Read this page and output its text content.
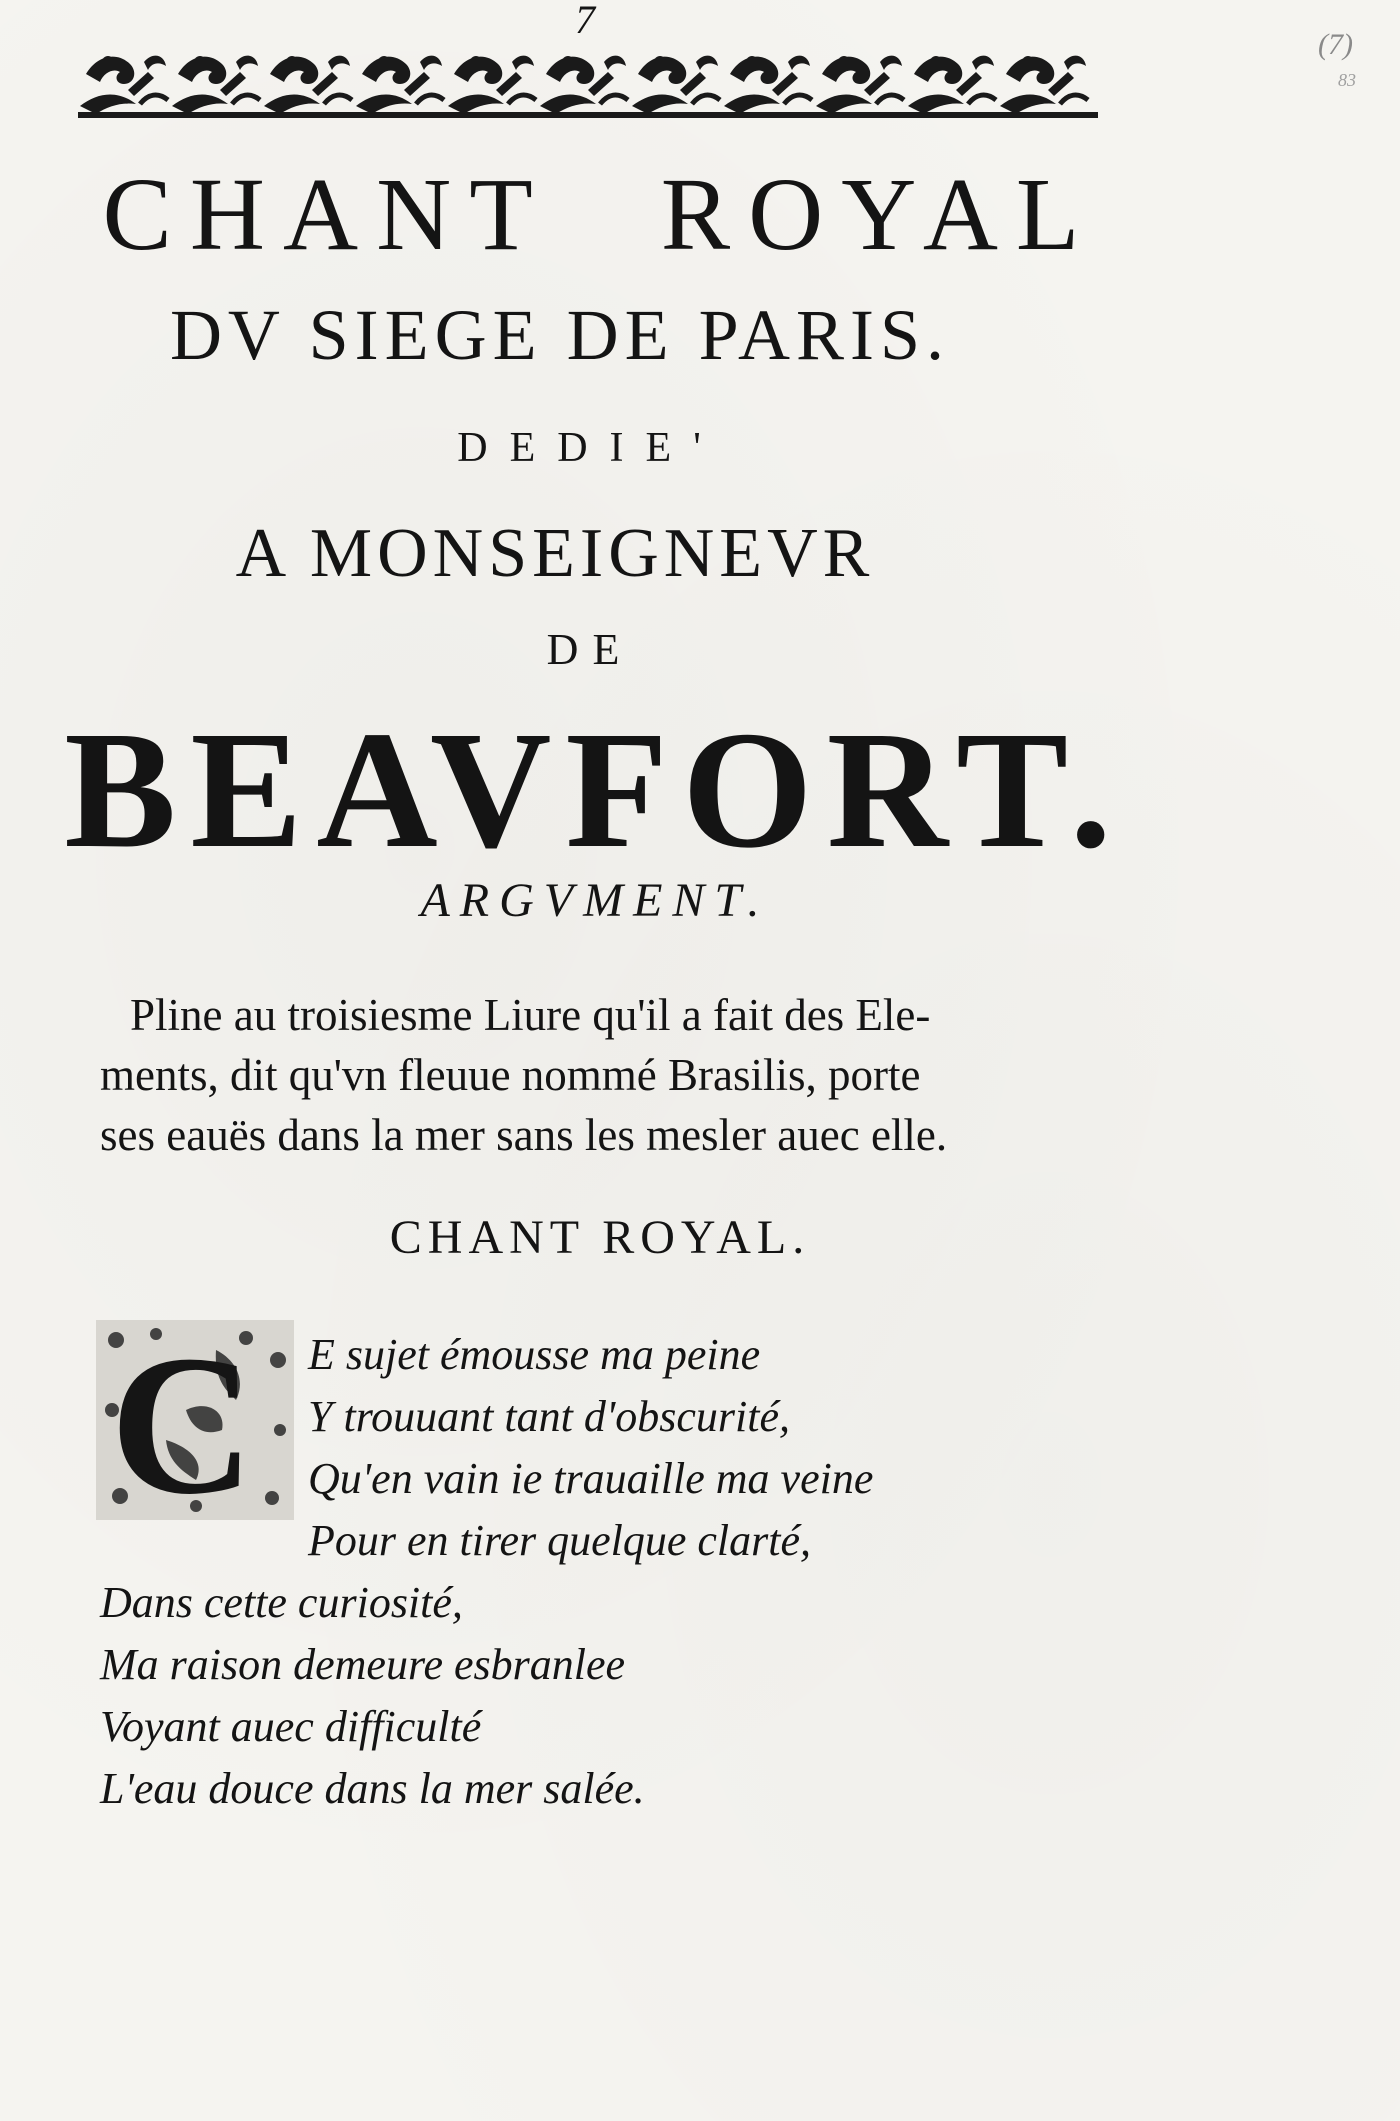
7
(7)
83
CHANT ROYAL
DV SIEGE DE PARIS.
DEDIE'
A MONSEIGNEVR
DE
BEAVFORT.
ARGVMENT.
Pline au troisiesme Liure qu'il a fait des Ele-
ments, dit qu'vn fleuue nommé Brasilis, porte
ses eauës dans la mer sans les mesler auec elle.
CHANT ROYAL.
C E sujet émousse ma peine
Y trouuant tant d'obscurité,
Qu'en vain ie trauaille ma veine
Pour en tirer quelque clarté,
Dans cette curiosité,
Ma raison demeure esbranlee
Voyant auec difficulté
L'eau douce dans la mer salée.
